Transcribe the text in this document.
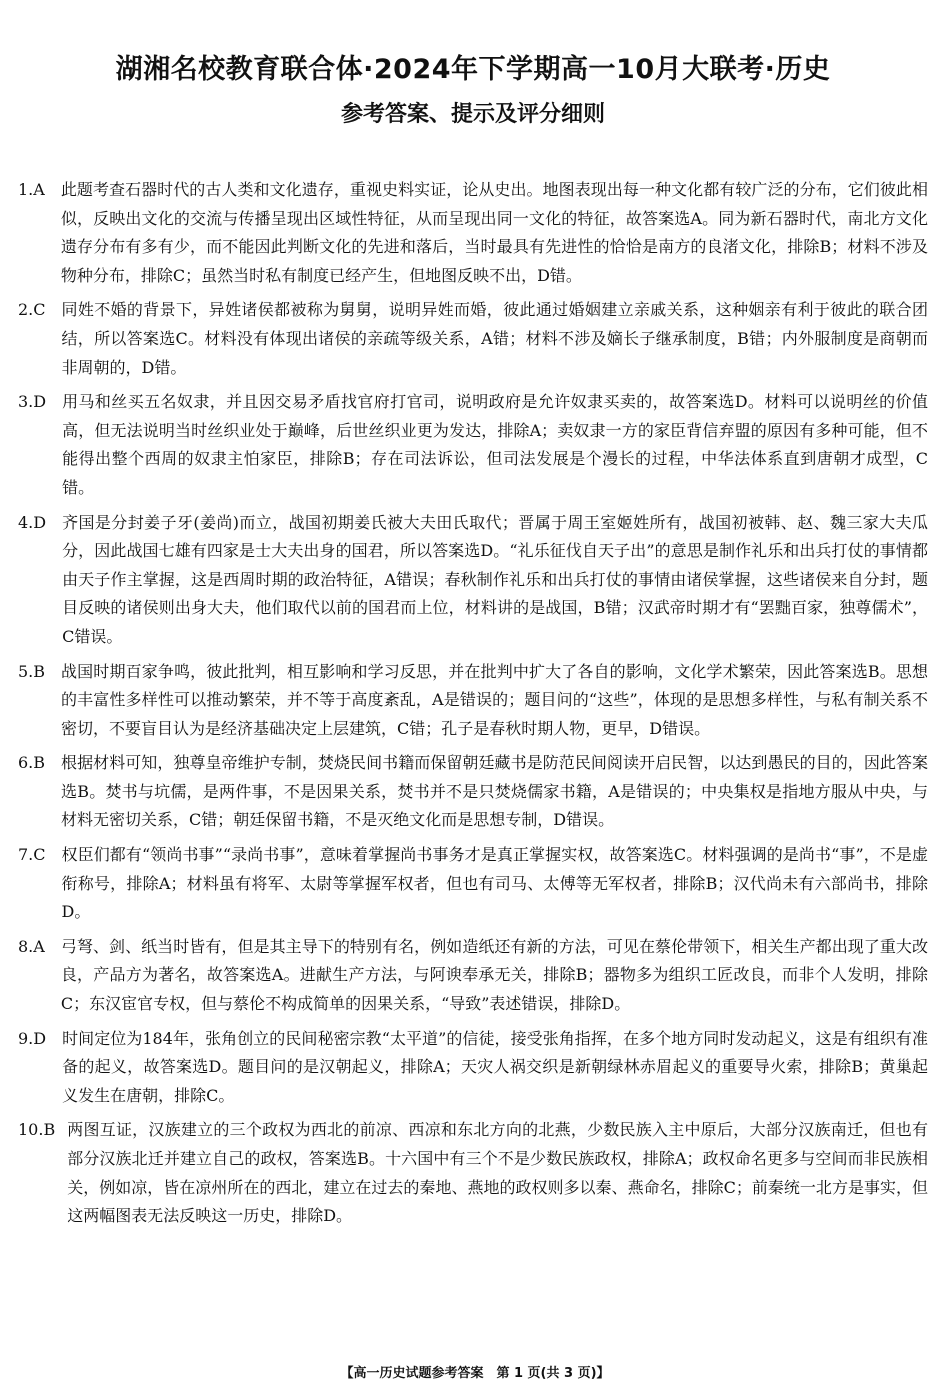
湖湘名校教育联合体·2024年下学期高一10月大联考·历史
参考答案、提示及评分细则
1.A	此题考查石器时代的古人类和文化遗存，重视史料实证，论从史出。地图表现出每一种文化都有较广泛的分布，它们彼此相似，反映出文化的交流与传播呈现出区域性特征，从而呈现出同一文化的特征，故答案选A。同为新石器时代，南北方文化遗存分布有多有少，而不能因此判断文化的先进和落后，当时最具有先进性的恰恰是南方的良渚文化，排除B；材料不涉及物种分布，排除C；虽然当时私有制度已经产生，但地图反映不出，D错。
2.C	同姓不婚的背景下，异姓诸侯都被称为舅舅，说明异姓而婚，彼此通过婚姻建立亲戚关系，这种姻亲有利于彼此的联合团结，所以答案选C。材料没有体现出诸侯的亲疏等级关系，A错；材料不涉及嫡长子继承制度，B错；内外服制度是商朝而非周朝的，D错。
3.D	用马和丝买五名奴隶，并且因交易矛盾找官府打官司，说明政府是允许奴隶买卖的，故答案选D。材料可以说明丝的价值高，但无法说明当时丝织业处于巅峰，后世丝织业更为发达，排除A；卖奴隶一方的家臣背信弃盟的原因有多种可能，但不能得出整个西周的奴隶主怕家臣，排除B；存在司法诉讼，但司法发展是个漫长的过程，中华法体系直到唐朝才成型，C错。
4.D	齐国是分封姜子牙(姜尚)而立，战国初期姜氏被大夫田氏取代；晋属于周王室姬姓所有，战国初被韩、赵、魏三家大夫瓜分，因此战国七雄有四家是士大夫出身的国君，所以答案选D。“礼乐征伐自天子出”的意思是制作礼乐和出兵打仗的事情都由天子作主掌握，这是西周时期的政治特征，A错误；春秋制作礼乐和出兵打仗的事情由诸侯掌握，这些诸侯来自分封，题目反映的诸侯则出身大夫，他们取代以前的国君而上位，材料讲的是战国，B错；汉武帝时期才有“罢黜百家，独尊儒术”，C错误。
5.B	战国时期百家争鸣，彼此批判，相互影响和学习反思，并在批判中扩大了各自的影响，文化学术繁荣，因此答案选B。思想的丰富性多样性可以推动繁荣，并不等于高度紊乱，A是错误的；题目问的“这些”，体现的是思想多样性，与私有制关系不密切，不要盲目认为是经济基础决定上层建筑，C错；孔子是春秋时期人物，更早，D错误。
6.B	根据材料可知，独尊皇帝维护专制，焚烧民间书籍而保留朝廷藏书是防范民间阅读开启民智，以达到愚民的目的，因此答案选B。焚书与坑儒，是两件事，不是因果关系，焚书并不是只焚烧儒家书籍，A是错误的；中央集权是指地方服从中央，与材料无密切关系，C错；朝廷保留书籍，不是灭绝文化而是思想专制，D错误。
7.C	权臣们都有“领尚书事”“录尚书事”，意味着掌握尚书事务才是真正掌握实权，故答案选C。材料强调的是尚书“事”，不是虚衔称号，排除A；材料虽有将军、太尉等掌握军权者，但也有司马、太傅等无军权者，排除B；汉代尚未有六部尚书，排除D。
8.A	弓弩、剑、纸当时皆有，但是其主导下的特别有名，例如造纸还有新的方法，可见在蔡伦带领下，相关生产都出现了重大改良，产品方为著名，故答案选A。进献生产方法，与阿谀奉承无关，排除B；器物多为组织工匠改良，而非个人发明，排除C；东汉宦官专权，但与蔡伦不构成简单的因果关系，“导致”表述错误，排除D。
9.D	时间定位为184年，张角创立的民间秘密宗教“太平道”的信徒，接受张角指挥，在多个地方同时发动起义，这是有组织有准备的起义，故答案选D。题目问的是汉朝起义，排除A；天灾人祸交织是新朝绿林赤眉起义的重要导火索，排除B；黄巢起义发生在唐朝，排除C。
10.B 两图互证，汉族建立的三个政权为西北的前凉、西凉和东北方向的北燕，少数民族入主中原后，大部分汉族南迁，但也有部分汉族北迁并建立自己的政权，答案选B。十六国中有三个不是少数民族政权，排除A；政权命名更多与空间而非民族相关，例如凉，皆在凉州所在的西北，建立在过去的秦地、燕地的政权则多以秦、燕命名，排除C；前秦统一北方是事实，但这两幅图表无法反映这一历史，排除D。
【高一历史试题参考答案　第 1 页(共 3 页)】
